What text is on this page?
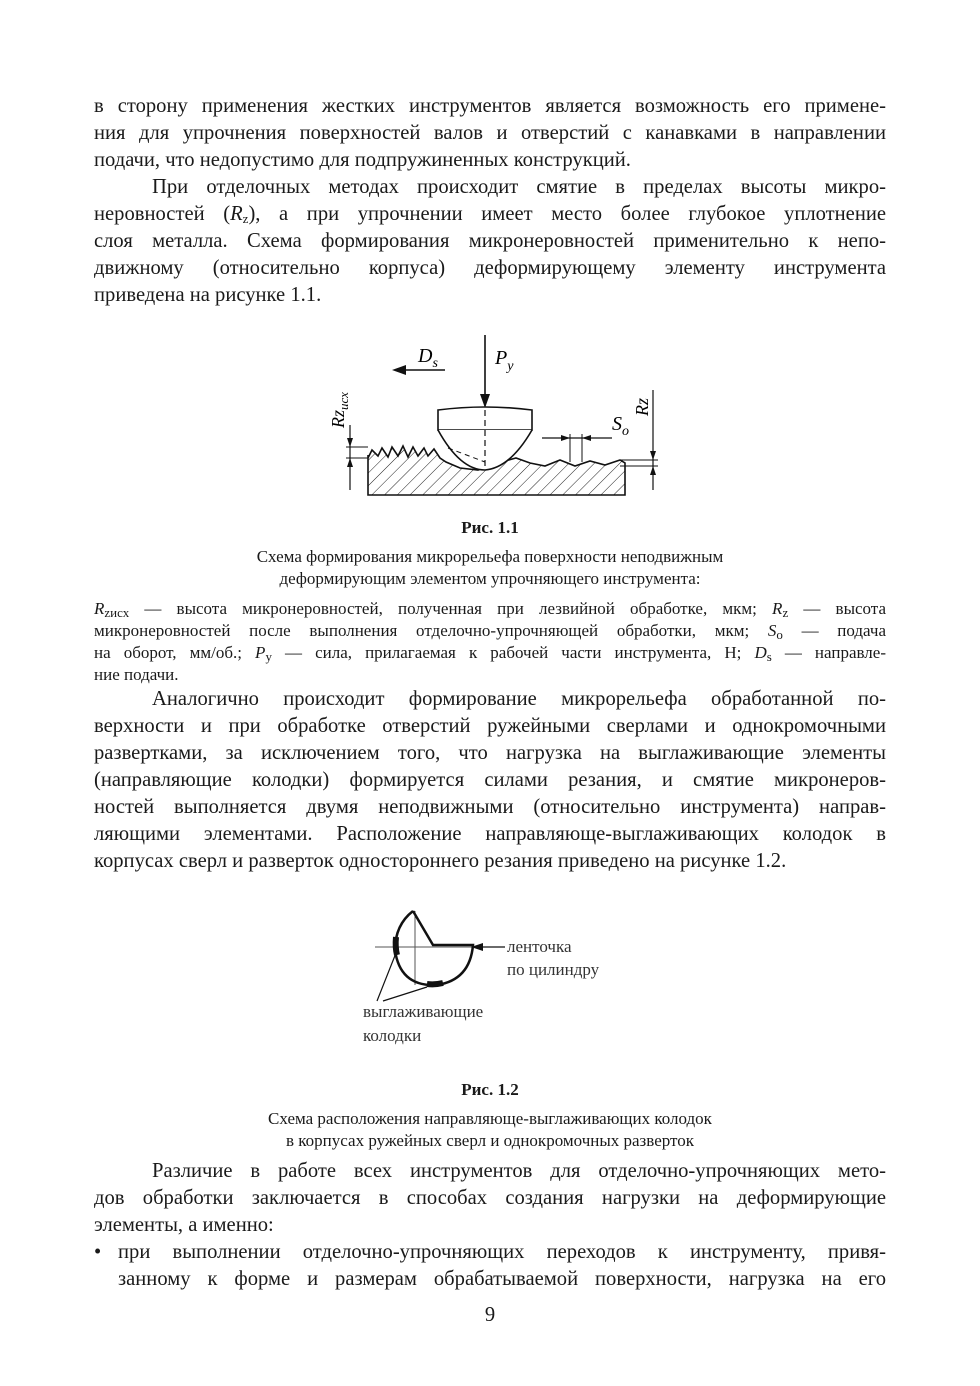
в сторону применения жестких инструментов является возможность его примене-

ния для упрочнения поверхностей валов и отверстий с канавками в направлении

подачи, что недопустимо для подпружиненных конструкций.

При отделочных методах происходит смятие в пределах высоты микро-

неровностей $(R_z)$, а при упрочнении имеет место более глубокое уплотнение

слоя металла. Схема формирования микронеровностей применительно к непо-

движному (относительно корпуса) деформирующему элементу инструмента

приведена на рисунке 1.1.

$D_s$	$P_y$
$Rz_{исх}$	Rz
$S_o$
Рис. 1.1
Схема формирования микрорельефа поверхности неподвижным
деформирующим элементом упрочняющего инструмента:
$R_{zисх}$ — высота микронеровностей, полученная при лезвийной обработке, мкм; $R_z$ — высота
микронеровностей после выполнения отделочно-упрочняющей обработки, мкм; $S_о$ — подача
на оборот, мм/об.; $P_у$ — сила, прилагаемая к рабочей части инструмента, Н; $D_s$ — направле-
ние подачи.

Аналогично происходит формирование микрорельефа обработанной по-

верхности и при обработке отверстий ружейными сверлами и однокромочными

развертками, за исключением того, что нагрузка на выглаживающие элементы

(направляющие колодки) формируется силами резания, и смятие микронеров-

ностей выполняется двумя неподвижными (относительно инструмента) направ-

ляющими элементами. Расположение направляюще-выглаживающих колодок в

корпусах сверл и разверток одностороннего резания приведено на рисунке 1.2.

ленточка
по цилиндру
выглаживающие
колодки
Рис. 1.2
Схема расположения направляюще-выглаживающих колодок
в корпусах ружейных сверл и однокромочных разверток

Различие в работе всех инструментов для отделочно-упрочняющих мето-

дов обработки заключается в способах создания нагрузки на деформирующие

элементы, а именно:

• при выполнении отделочно-упрочняющих переходов к инструменту, привя-
занному к форме и размерам обрабатываемой поверхности, нагрузка на его
9
